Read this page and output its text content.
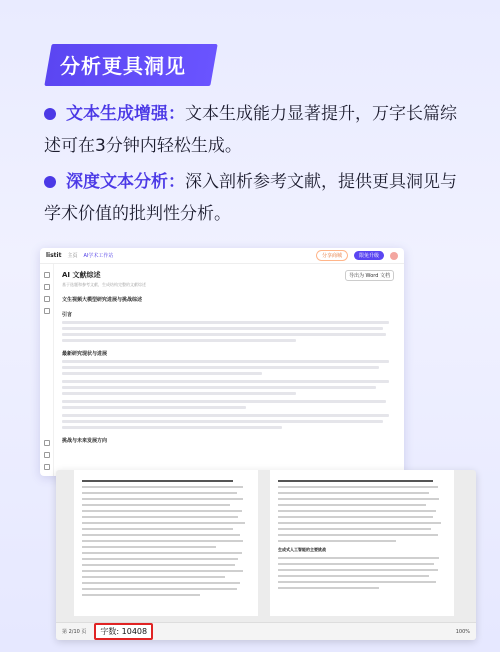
分析更具洞见
文本生成增强：文本生成能力显著提升，万字长篇综述可在3分钟内轻松生成。
深度文本分析：深入剖析参考文献，提供更具洞见与学术价值的批判性分析。
listit 主页 AI学术工作站	分享商城	限免升级
AI 文献综述
基于选题和参考文献，生成结构完整的文献综述
导出为 Word 文档
文生视频大模型研究进展与挑战综述
引言
最新研究现状与进展
挑战与未来发展方向
生成式人工智能的主要挑战
第 2/10 页	字数: 10408	100%
